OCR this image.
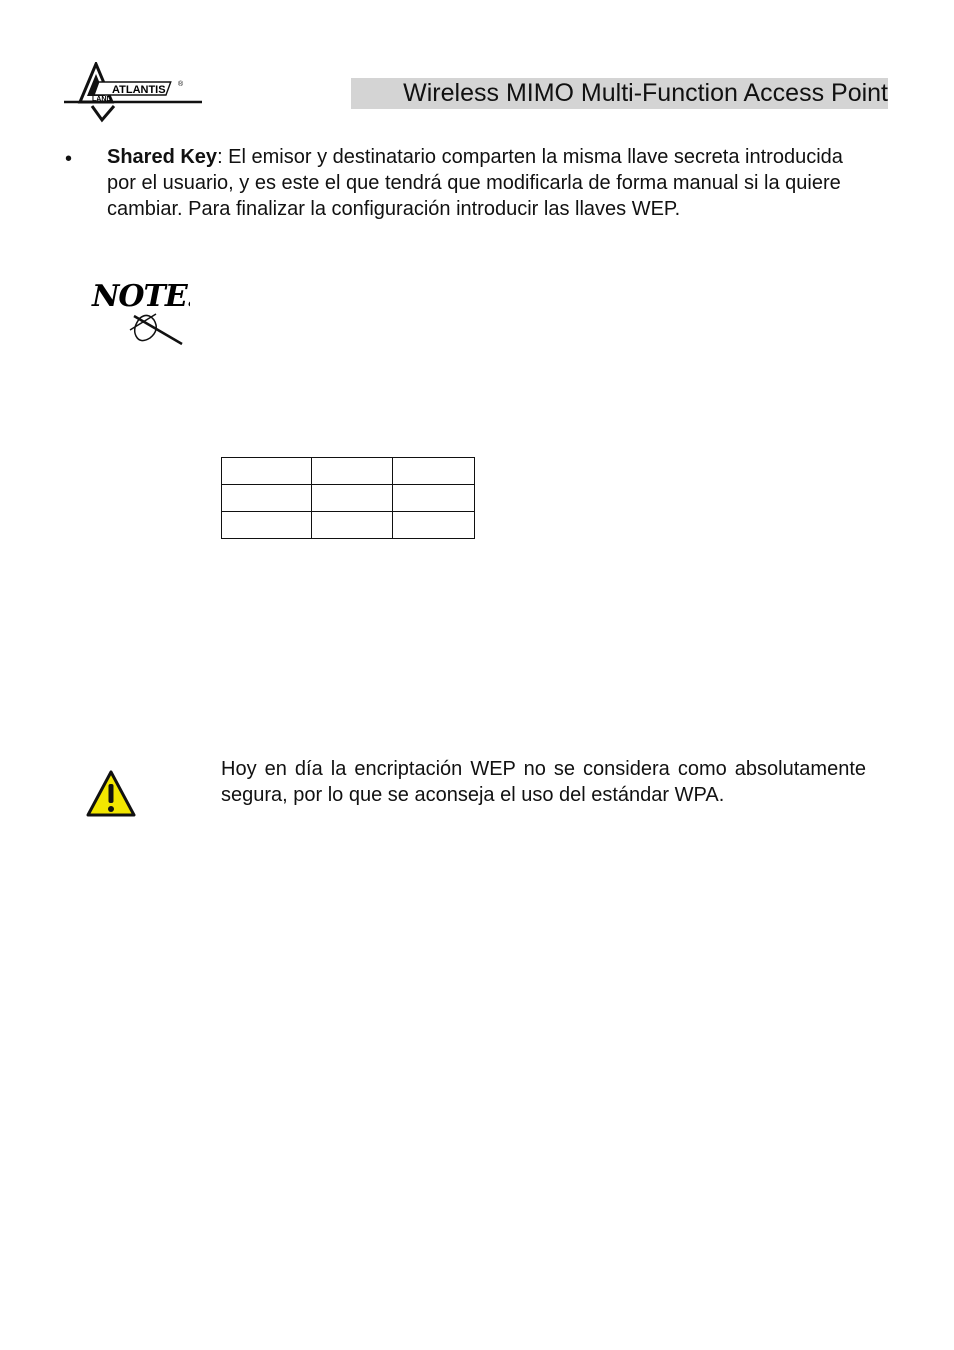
ATLANTIS ®
LAND	Wireless MIMO Multi-Function Access Point
• Shared Key: El emisor y destinatario comparten la misma llave secreta introducida por el usuario, y es este el que tendrá que modificarla de forma manual si la quiere cambiar. Para finalizar la configuración introducir las llaves WEP.
NOTE:

Hoy en día la encriptación WEP no se considera como absolutamente segura, por lo que se aconseja el uso del estándar WPA.
